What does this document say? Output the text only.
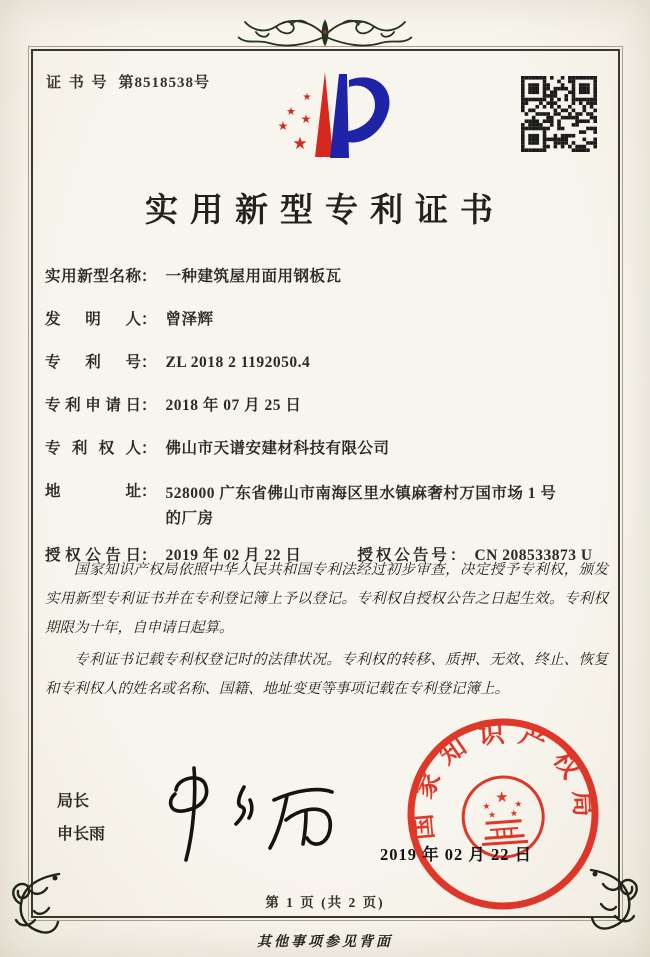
证 书 号 第8518538号
★
★
★
★
★
实用新型专利证书
实用新型名称 ： 一种建筑屋用面用钢板瓦
发明人 ： 曾泽辉
专利号 ： ZL 2018 2 1192050.4
专利申请日 ： 2018 年 07 月 25 日
专利权人 ： 佛山市天谱安建材科技有限公司
地址 ： 528000 广东省佛山市南海区里水镇麻奢村万国市场 1 号的厂房
授权公告日 ： 2019 年 02 月 22 日	授权公告号 ： CN 208533873 U

国家知识产权局依照中华人民共和国专利法经过初步审查，决定授予专利权，颁发实用新型专利证书并在专利登记簿上予以登记。专利权自授权公告之日起生效。专利权期限为十年，自申请日起算。

专利证书记载专利权登记时的法律状况。专利权的转移、质押、无效、终止、恢复和专利权人的姓名或名称、国籍、地址变更等事项记载在专利登记簿上。

局长
申长雨	国家知识产权局
★
★	★
★ ★
2019 年 02 月 22 日
第 1 页 (共 2 页)
其他事项参见背面
